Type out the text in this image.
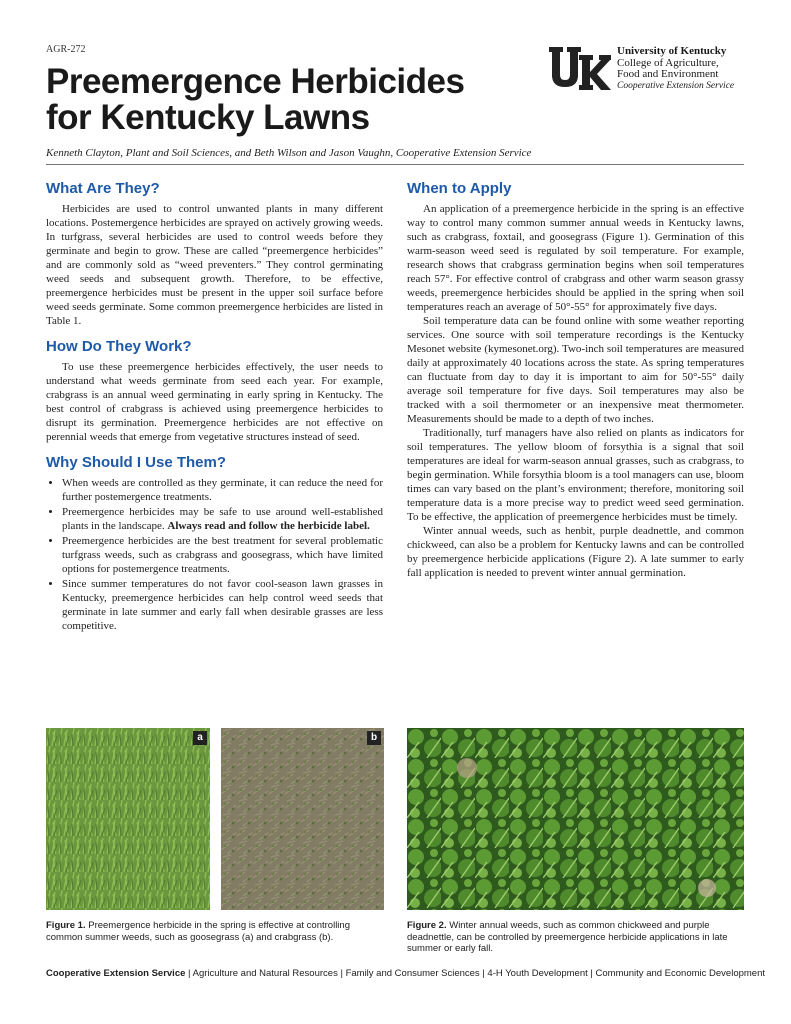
AGR-272
Preemergence Herbicides
for Kentucky Lawns
University of Kentucky
College of Agriculture,
Food and Environment
Cooperative Extension Service
Kenneth Clayton, Plant and Soil Sciences, and Beth Wilson and Jason Vaughn, Cooperative Extension Service
What Are They?

Herbicides are used to control unwanted plants in many different locations. Postemergence herbicides are sprayed on actively growing weeds. In turfgrass, several herbicides are used to control weeds before they germinate and begin to grow. These are called “preemergence herbicides” and are commonly sold as “weed preventers.” They control germinating weed seeds and subsequent growth. Therefore, to be effective, preemergence herbicides must be present in the upper soil surface before weed seeds germinate. Some common preemergence herbicides are listed in Table 1.

How Do They Work?

To use these preemergence herbicides effectively, the user needs to understand what weeds germinate from seed each year. For example, crabgrass is an annual weed germinating in early spring in Kentucky. The best control of crabgrass is achieved using preemergence herbicides to disrupt its germination. Preemergence herbicides are not effective on perennial weeds that emerge from vegetative structures instead of seed.

Why Should I Use Them?
• When weeds are controlled as they germinate, it can reduce the need for further postemergence treatments.
• Preemergence herbicides may be safe to use around well-established plants in the landscape. Always read and follow the herbicide label.
• Preemergence herbicides are the best treatment for several problematic turfgrass weeds, such as crabgrass and goosegrass, which have limited options for postemergence treatments.
• Since summer temperatures do not favor cool-season lawn grasses in Kentucky, preemergence herbicides can help control weed seeds that germinate in late summer and early fall when desirable grasses are less competitive.
When to Apply

An application of a preemergence herbicide in the spring is an effective way to control many common summer annual weeds in Kentucky lawns, such as crabgrass, foxtail, and goosegrass (Figure 1). Germination of this warm-season weed seed is regulated by soil temperature. For example, research shows that crabgrass germination begins when soil temperatures reach 57°. For effective control of crabgrass and other warm season grassy weeds, preemergence herbicides should be applied in the spring when soil temperatures reach an average of 50°-55° for approximately five days.

Soil temperature data can be found online with some weather reporting services. One source with soil temperature recordings is the Kentucky Mesonet website (kymesonet.org). Two-inch soil temperatures are measured daily at approximately 40 locations across the state. As spring temperatures can fluctuate from day to day it is important to aim for 50°-55° daily average soil temperature for five days. Soil temperatures may also be tracked with a soil thermometer or an inexpensive meat thermometer. Measurements should be made to a depth of two inches.

Traditionally, turf managers have also relied on plants as indicators for soil temperatures. The yellow bloom of forsythia is a signal that soil temperatures are ideal for warm-season annual grasses, such as crabgrass, to begin germination. While forsythia bloom is a tool managers can use, bloom times can vary based on the plant’s environment; therefore, monitoring soil temperature data is a more precise way to predict weed seed germination. To be effective, the application of preemergence herbicides must be timely.

Winter annual weeds, such as henbit, purple deadnettle, and common chickweed, can also be a problem for Kentucky lawns and can be controlled by preemergence herbicide applications (Figure 2). A late summer to early fall application is needed to prevent winter annual germination.

a	b
Figure 1. Preemergence herbicide in the spring is effective at controlling common summer weeds, such as goosegrass (a) and crabgrass (b).
Figure 2. Winter annual weeds, such as common chickweed and purple deadnettle, can be controlled by preemergence herbicide applications in late summer or early fall.
Cooperative Extension Service | Agriculture and Natural Resources | Family and Consumer Sciences | 4-H Youth Development | Community and Economic Development
